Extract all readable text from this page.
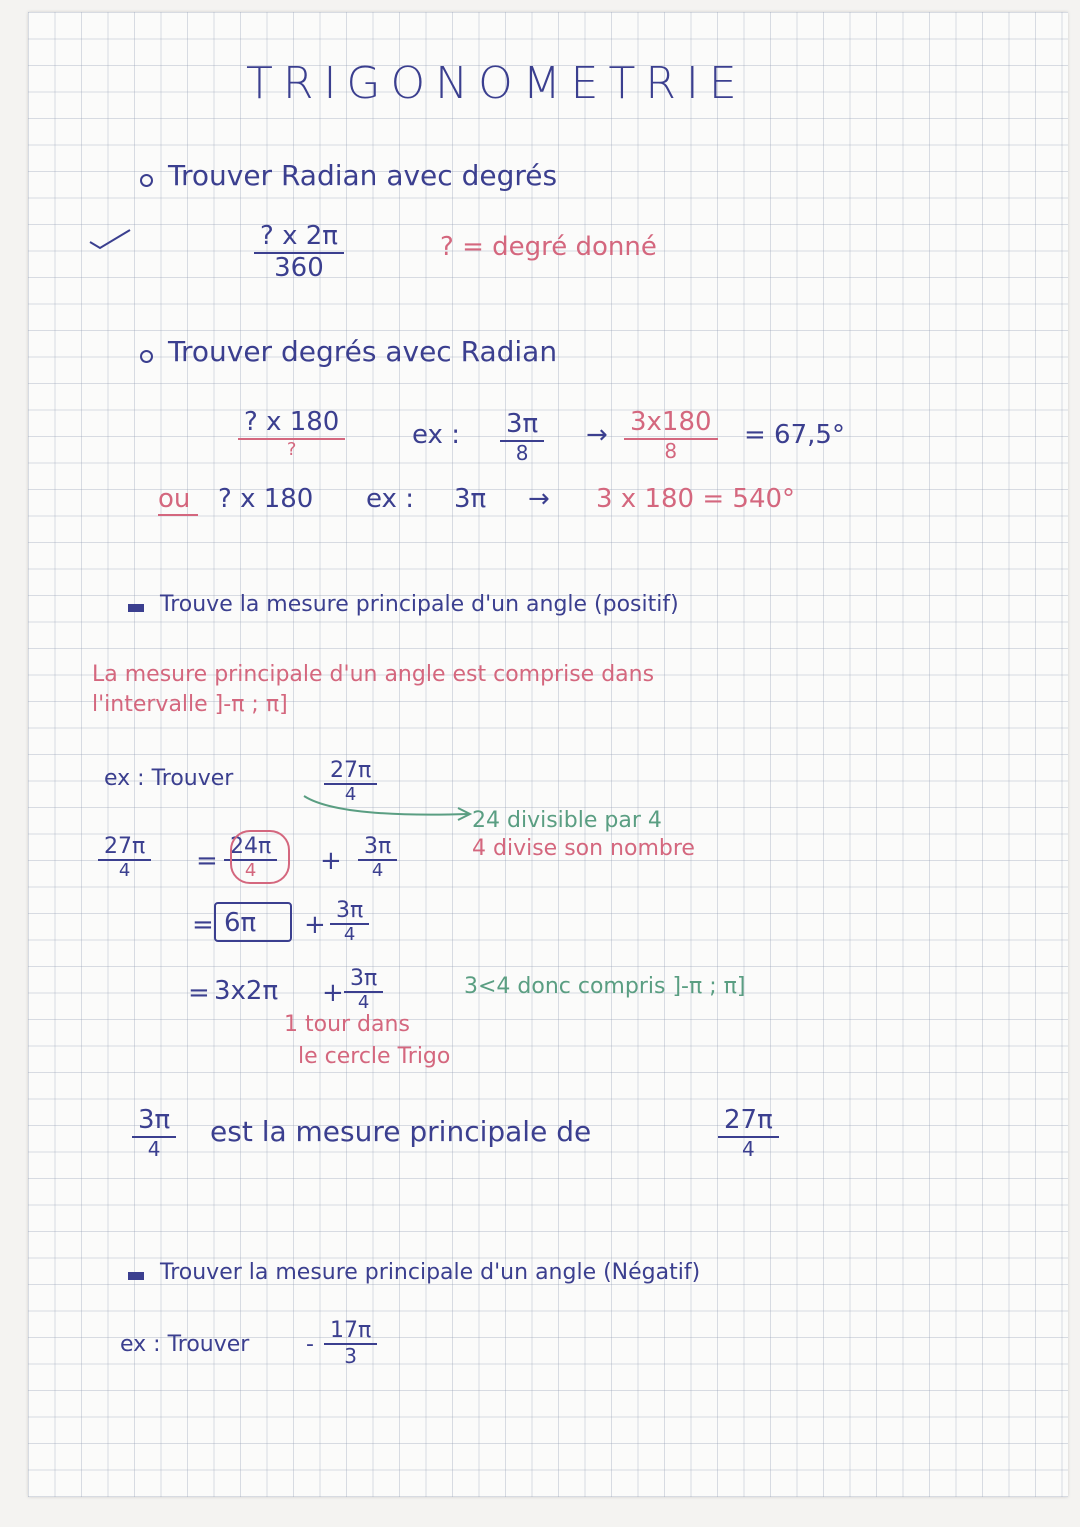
TRIGONOMETRIE
Trouver Radian avec degrés
? x 2π
360
? = degré donné
Trouver degrés avec Radian
? x 180
?	ex : 3π
8
→ 3x180
8
= 67,5°
ou ? x 180 ex : 3π → 3 x 180 = 540°
Trouve la mesure principale d'un angle (positif)
La mesure principale d'un angle est comprise dans
l'intervalle ]-π ; π]
ex : Trouver	27π
4
24 divisible par 4
4 divise son nombre
27π
4	= 24π
4 + 3π
4
= 6π + 3π
4
= 3x2π + 3π
4
3<4 donc compris ]-π ; π]
1 tour dans
le cercle Trigo
3π
4
est la mesure principale de	27π
4
Trouver la mesure principale d'un angle (Négatif)
ex : Trouver	-
17π
3
